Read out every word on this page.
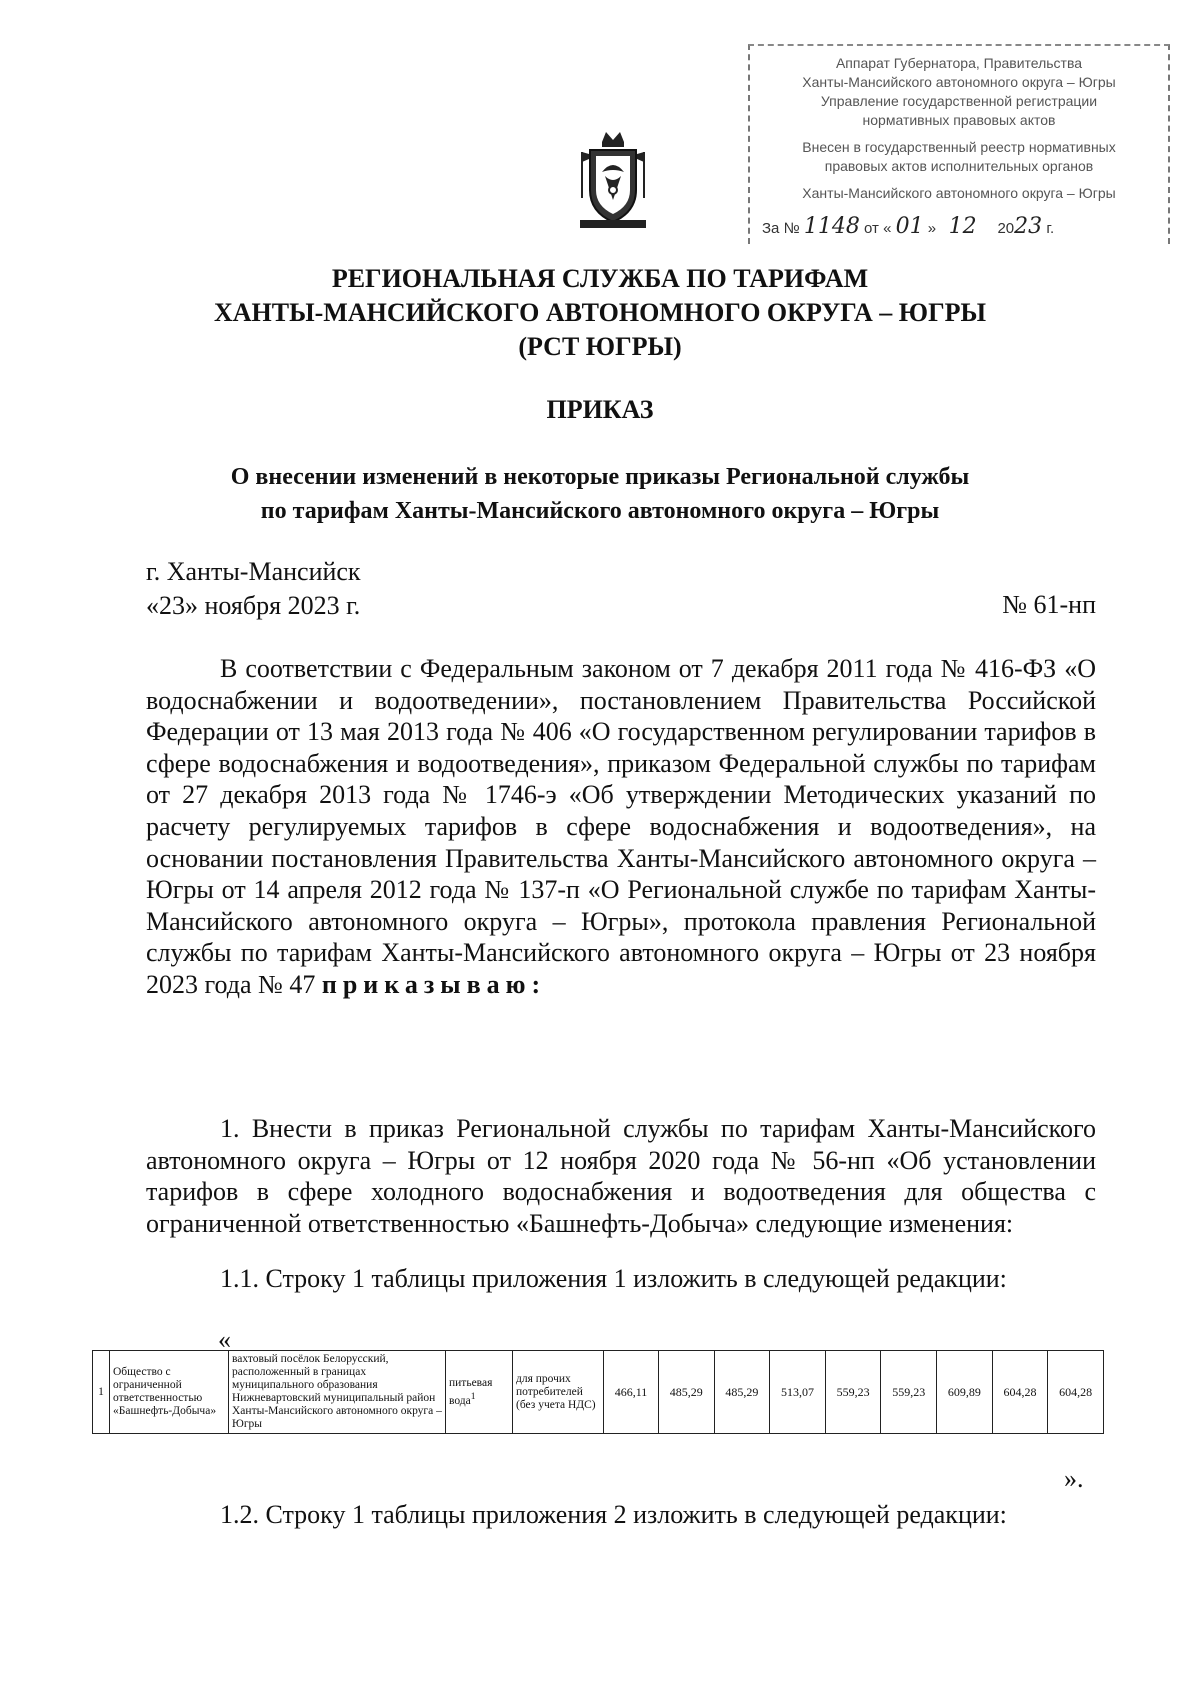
Аппарат Губернатора, Правительства
Ханты-Мансийского автономного округа – Югры
Управление государственной регистрации
нормативных правовых актов
Внесен в государственный реестр нормативных
правовых актов исполнительных органов
Ханты-Мансийского автономного округа – Югры
За № 1148 от « 01 » 12 2023 г.
РЕГИОНАЛЬНАЯ СЛУЖБА ПО ТАРИФАМ
ХАНТЫ-МАНСИЙСКОГО АВТОНОМНОГО ОКРУГА – ЮГРЫ
(РСТ ЮГРЫ)
ПРИКАЗ
О внесении изменений в некоторые приказы Региональной службы
по тарифам Ханты-Мансийского автономного округа – Югры
г. Ханты-Мансийск
«23» ноября 2023 г.	№ 61-нп
В соответствии с Федеральным законом от 7 декабря 2011 года № 416-ФЗ «О водоснабжении и водоотведении», постановлением Правительства Российской Федерации от 13 мая 2013 года № 406 «О государственном регулировании тарифов в сфере водоснабжения и водоотведения», приказом Федеральной службы по тарифам от 27 декабря 2013 года № 1746-э «Об утверждении Методических указаний по расчету регулируемых тарифов в сфере водоснабжения и водоотведения», на основании постановления Правительства Ханты-Мансийского автономного округа – Югры от 14 апреля 2012 года № 137-п «О Региональной службе по тарифам Ханты-Мансийского автономного округа – Югры», протокола правления Региональной службы по тарифам Ханты-Мансийского автономного округа – Югры от 23 ноября 2023 года № 47 приказываю:
1. Внести в приказ Региональной службы по тарифам Ханты-Мансийского автономного округа – Югры от 12 ноября 2020 года № 56-нп «Об установлении тарифов в сфере холодного водоснабжения и водоотведения для общества с ограниченной ответственностью «Башнефть-Добыча» следующие изменения:
1.1. Строку 1 таблицы приложения 1 изложить в следующей редакции:
«
1	Общество с ограниченной ответственностью «Башнефть-Добыча»	вахтовый посёлок Белорусский, расположенный в границах муниципального образования Нижневартовский муниципальный район Ханты-Мансийского автономного округа – Югры	питьевая вода$^1$	для прочих потребителей (без учета НДС)	466,11	485,29	485,29	513,07	559,23	559,23	609,89	604,28	604,28
».
1.2. Строку 1 таблицы приложения 2 изложить в следующей редакции:
